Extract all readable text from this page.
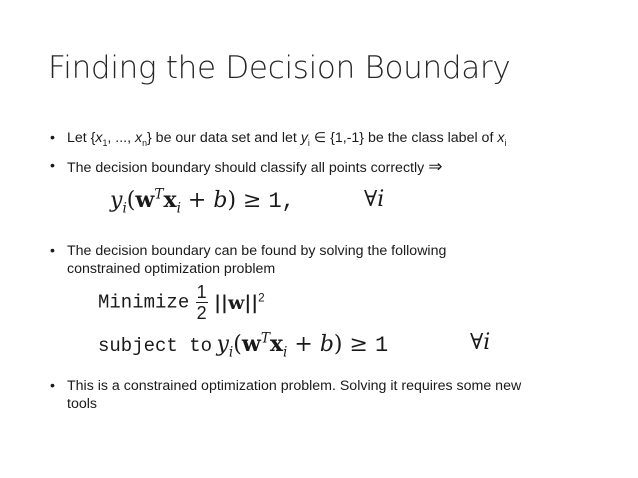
Finding the Decision Boundary
• Let {$x_1$, ..., $x_n$} be our data set and let $y_i$ ∈ {1,-1} be the class label of $x_i$
• The decision boundary should classify all points correctly ⇒
$y_i(w^Tx_i + b) \ge 1$,	∀i
• The decision boundary can be found by solving the following
constrained optimization problem
Minimize $\frac{1}{2} ||w||^2$
subject to $y_i(w^Tx_i + b) \ge 1$	∀i
• This is a constrained optimization problem. Solving it requires some new
tools
